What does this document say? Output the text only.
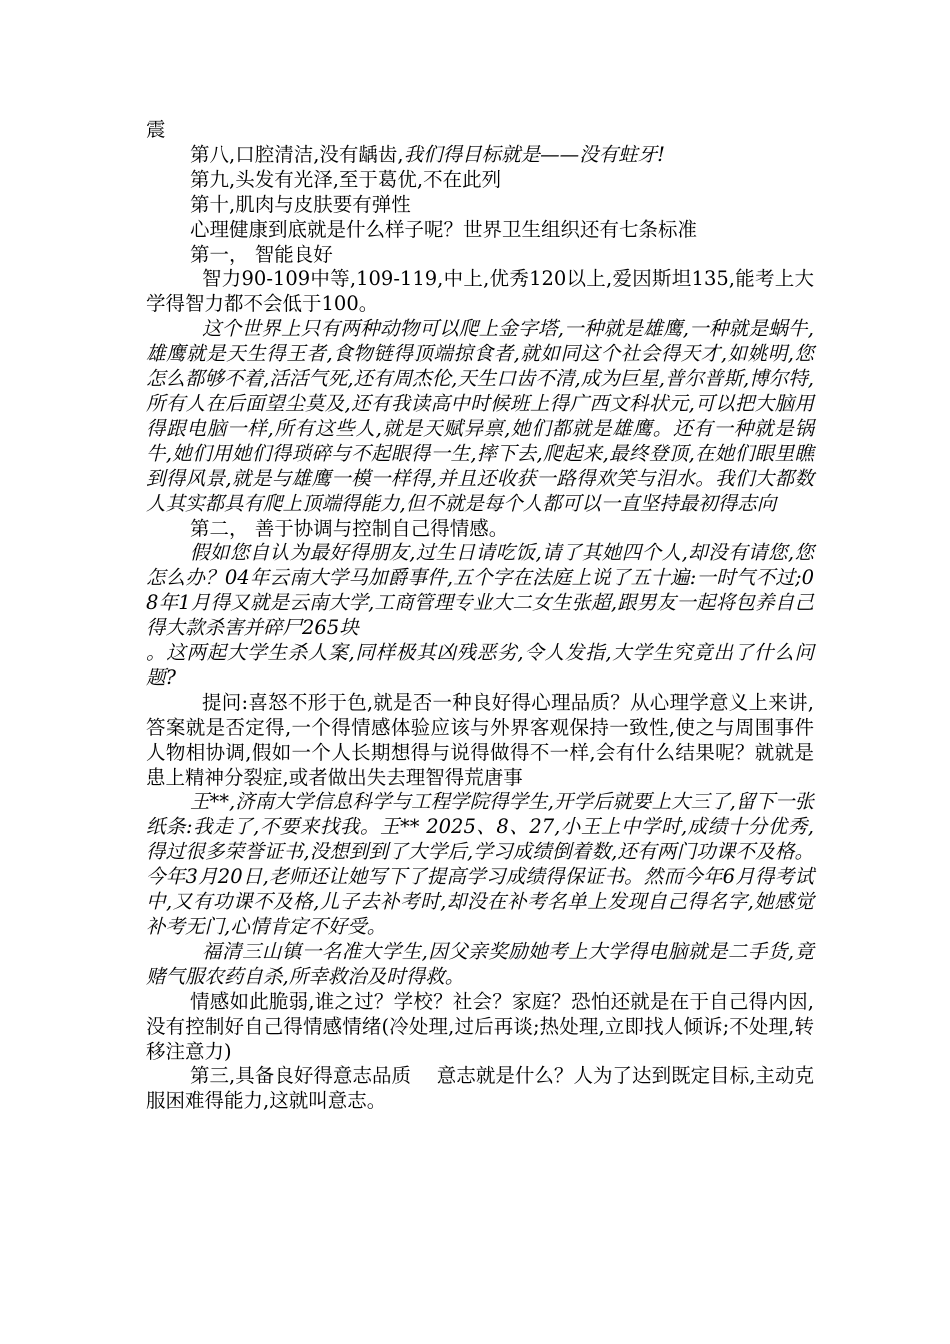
震

第八,口腔清洁,没有龋齿,我们得目标就是——没有蛀牙!

第九,头发有光泽,至于葛优,不在此列

第十,肌肉与皮肤要有弹性

心理健康到底就是什么样子呢？世界卫生组织还有七条标准

第一， 智能良好

智力90-109中等,109-119,中上,优秀120以上,爱因斯坦135,能考上大学得智力都不会低于100。

这个世界上只有两种动物可以爬上金字塔,一种就是雄鹰,一种就是蜗牛,雄鹰就是天生得王者,食物链得顶端掠食者,就如同这个社会得天才,如姚明,您怎么都够不着,活活气死,还有周杰伦,天生口齿不清,成为巨星,普尔普斯,博尔特,所有人在后面望尘莫及,还有我读高中时候班上得广西文科状元,可以把大脑用得跟电脑一样,所有这些人,就是天赋异禀,她们都就是雄鹰。还有一种就是锅牛,她们用她们得琐碎与不起眼得一生,摔下去,爬起来,最终登顶,在她们眼里瞧到得风景,就是与雄鹰一模一样得,并且还收获一路得欢笑与泪水。我们大都数人其实都具有爬上顶端得能力,但不就是每个人都可以一直坚持最初得志向

第二， 善于协调与控制自己得情感。

假如您自认为最好得朋友,过生日请吃饭,请了其她四个人,却没有请您,您怎么办？04年云南大学马加爵事件,五个字在法庭上说了五十遍:一时气不过;08年1月得又就是云南大学,工商管理专业大二女生张超,跟男友一起将包养自己得大款杀害并碎尸265块
。这两起大学生杀人案,同样极其凶残恶劣,令人发指,大学生究竟出了什么问题?

提问:喜怒不形于色,就是否一种良好得心理品质？从心理学意义上来讲,答案就是否定得,一个得情感体验应该与外界客观保持一致性,使之与周围事件人物相协调,假如一个人长期想得与说得做得不一样,会有什么结果呢？就就是患上精神分裂症,或者做出失去理智得荒唐事

王**,济南大学信息科学与工程学院得学生,开学后就要上大三了,留下一张纸条:我走了,不要来找我。王** 2025、8、27,小王上中学时,成绩十分优秀,得过很多荣誉证书,没想到到了大学后,学习成绩倒着数,还有两门功课不及格。今年3月20日,老师还让她写下了提高学习成绩得保证书。然而今年6月得考试中,又有功课不及格,儿子去补考时,却没在补考名单上发现自己得名字,她感觉补考无门,心情肯定不好受。

福清三山镇一名准大学生,因父亲奖励她考上大学得电脑就是二手货,竟赌气服农药自杀,所幸救治及时得救。

情感如此脆弱,谁之过？学校？社会？家庭？恐怕还就是在于自己得内因,没有控制好自己得情感情绪(冷处理,过后再谈;热处理,立即找人倾诉;不处理,转移注意力)

第三,具备良好得意志品质　 意志就是什么？人为了达到既定目标,主动克服困难得能力,这就叫意志。
